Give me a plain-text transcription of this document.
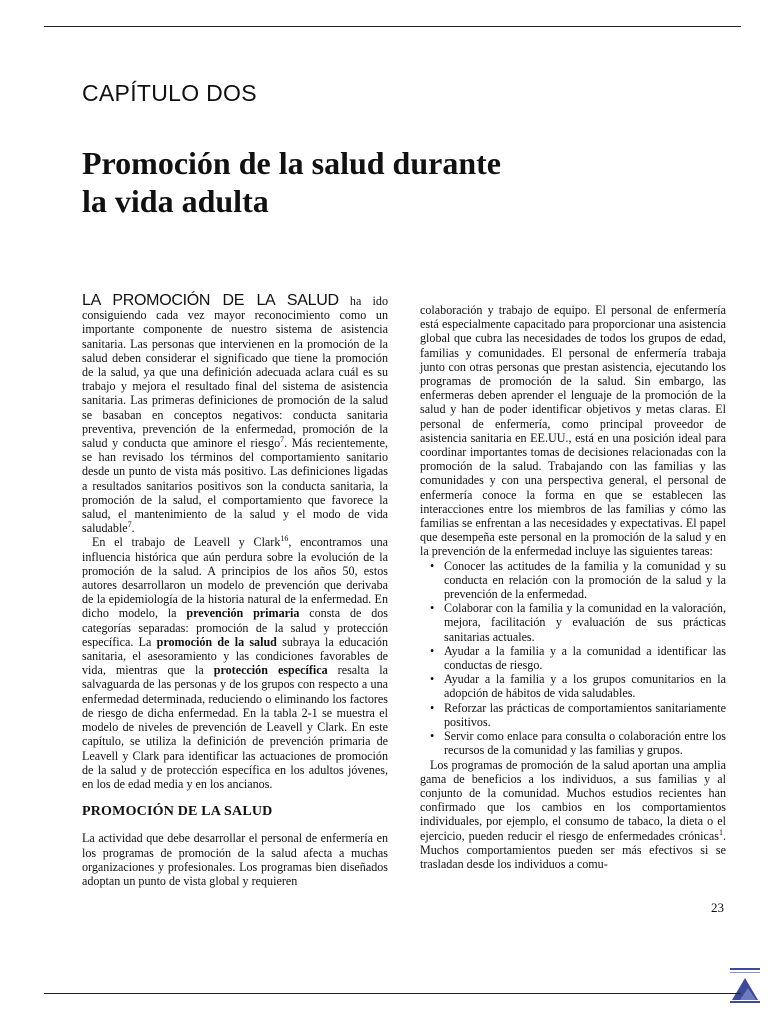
CAPÍTULO DOS
Promoción de la salud durante
la vida adulta

LA PROMOCIÓN DE LA SALUD ha ido consiguiendo cada vez mayor reconocimiento como un importante componente de nuestro sistema de asistencia sanitaria. Las personas que intervienen en la promoción de la salud deben considerar el significado que tiene la promoción de la salud, ya que una definición adecuada aclara cuál es su trabajo y mejora el resultado final del sistema de asistencia sanitaria. Las primeras definiciones de promoción de la salud se basaban en conceptos negativos: conducta sanitaria preventiva, prevención de la enfermedad, promoción de la salud y conducta que aminore el riesgo$^7$. Más recientemente, se han revisado los términos del comportamiento sanitario desde un punto de vista más positivo. Las definiciones ligadas a resultados sanitarios positivos son la conducta sanitaria, la promoción de la salud, el comportamiento que favorece la salud, el mantenimiento de la salud y el modo de vida saludable$^7$.

En el trabajo de Leavell y Clark$^{16}$, encontramos una influencia histórica que aún perdura sobre la evolución de la promoción de la salud. A principios de los años 50, estos autores desarrollaron un modelo de prevención que derivaba de la epidemiología de la historia natural de la enfermedad. En dicho modelo, la prevención primaria consta de dos categorías separadas: promoción de la salud y protección específica. La promoción de la salud subraya la educación sanitaria, el asesoramiento y las condiciones favorables de vida, mientras que la protección específica resalta la salvaguarda de las personas y de los grupos con respecto a una enfermedad determinada, reduciendo o eliminando los factores de riesgo de dicha enfermedad. En la tabla 2-1 se muestra el modelo de niveles de prevención de Leavell y Clark. En este capítulo, se utiliza la definición de prevención primaria de Leavell y Clark para identificar las actuaciones de promoción de la salud y de protección específica en los adultos jóvenes, en los de edad media y en los ancianos.

PROMOCIÓN DE LA SALUD

La actividad que debe desarrollar el personal de enfermería en los programas de promoción de la salud afecta a muchas organizaciones y profesionales. Los programas bien diseñados adoptan un punto de vista global y requieren

colaboración y trabajo de equipo. El personal de enfermería está especialmente capacitado para proporcionar una asistencia global que cubra las necesidades de todos los grupos de edad, familias y comunidades. El personal de enfermería trabaja junto con otras personas que prestan asistencia, ejecutando los programas de promoción de la salud. Sin embargo, las enfermeras deben aprender el lenguaje de la promoción de la salud y han de poder identificar objetivos y metas claras. El personal de enfermería, como principal proveedor de asistencia sanitaria en EE.UU., está en una posición ideal para coordinar importantes tomas de decisiones relacionadas con la promoción de la salud. Trabajando con las familias y las comunidades y con una perspectiva general, el personal de enfermería conoce la forma en que se establecen las interacciones entre los miembros de las familias y cómo las familias se enfrentan a las necesidades y expectativas. El papel que desempeña este personal en la promoción de la salud y en la prevención de la enfermedad incluye las siguientes tareas:

• Conocer las actitudes de la familia y la comunidad y su conducta en relación con la promoción de la salud y la prevención de la enfermedad.
• Colaborar con la familia y la comunidad en la valoración, mejora, facilitación y evaluación de sus prácticas sanitarias actuales.
• Ayudar a la familia y a la comunidad a identificar las conductas de riesgo.
• Ayudar a la familia y a los grupos comunitarios en la adopción de hábitos de vida saludables.
• Reforzar las prácticas de comportamientos sanitariamente positivos.
• Servir como enlace para consulta o colaboración entre los recursos de la comunidad y las familias y grupos.

Los programas de promoción de la salud aportan una amplia gama de beneficios a los individuos, a sus familias y al conjunto de la comunidad. Muchos estudios recientes han confirmado que los cambios en los comportamientos individuales, por ejemplo, el consumo de tabaco, la dieta o el ejercicio, pueden reducir el riesgo de enfermedades crónicas$^1$. Muchos comportamientos pueden ser más efectivos si se trasladan desde los individuos a comu-

23
